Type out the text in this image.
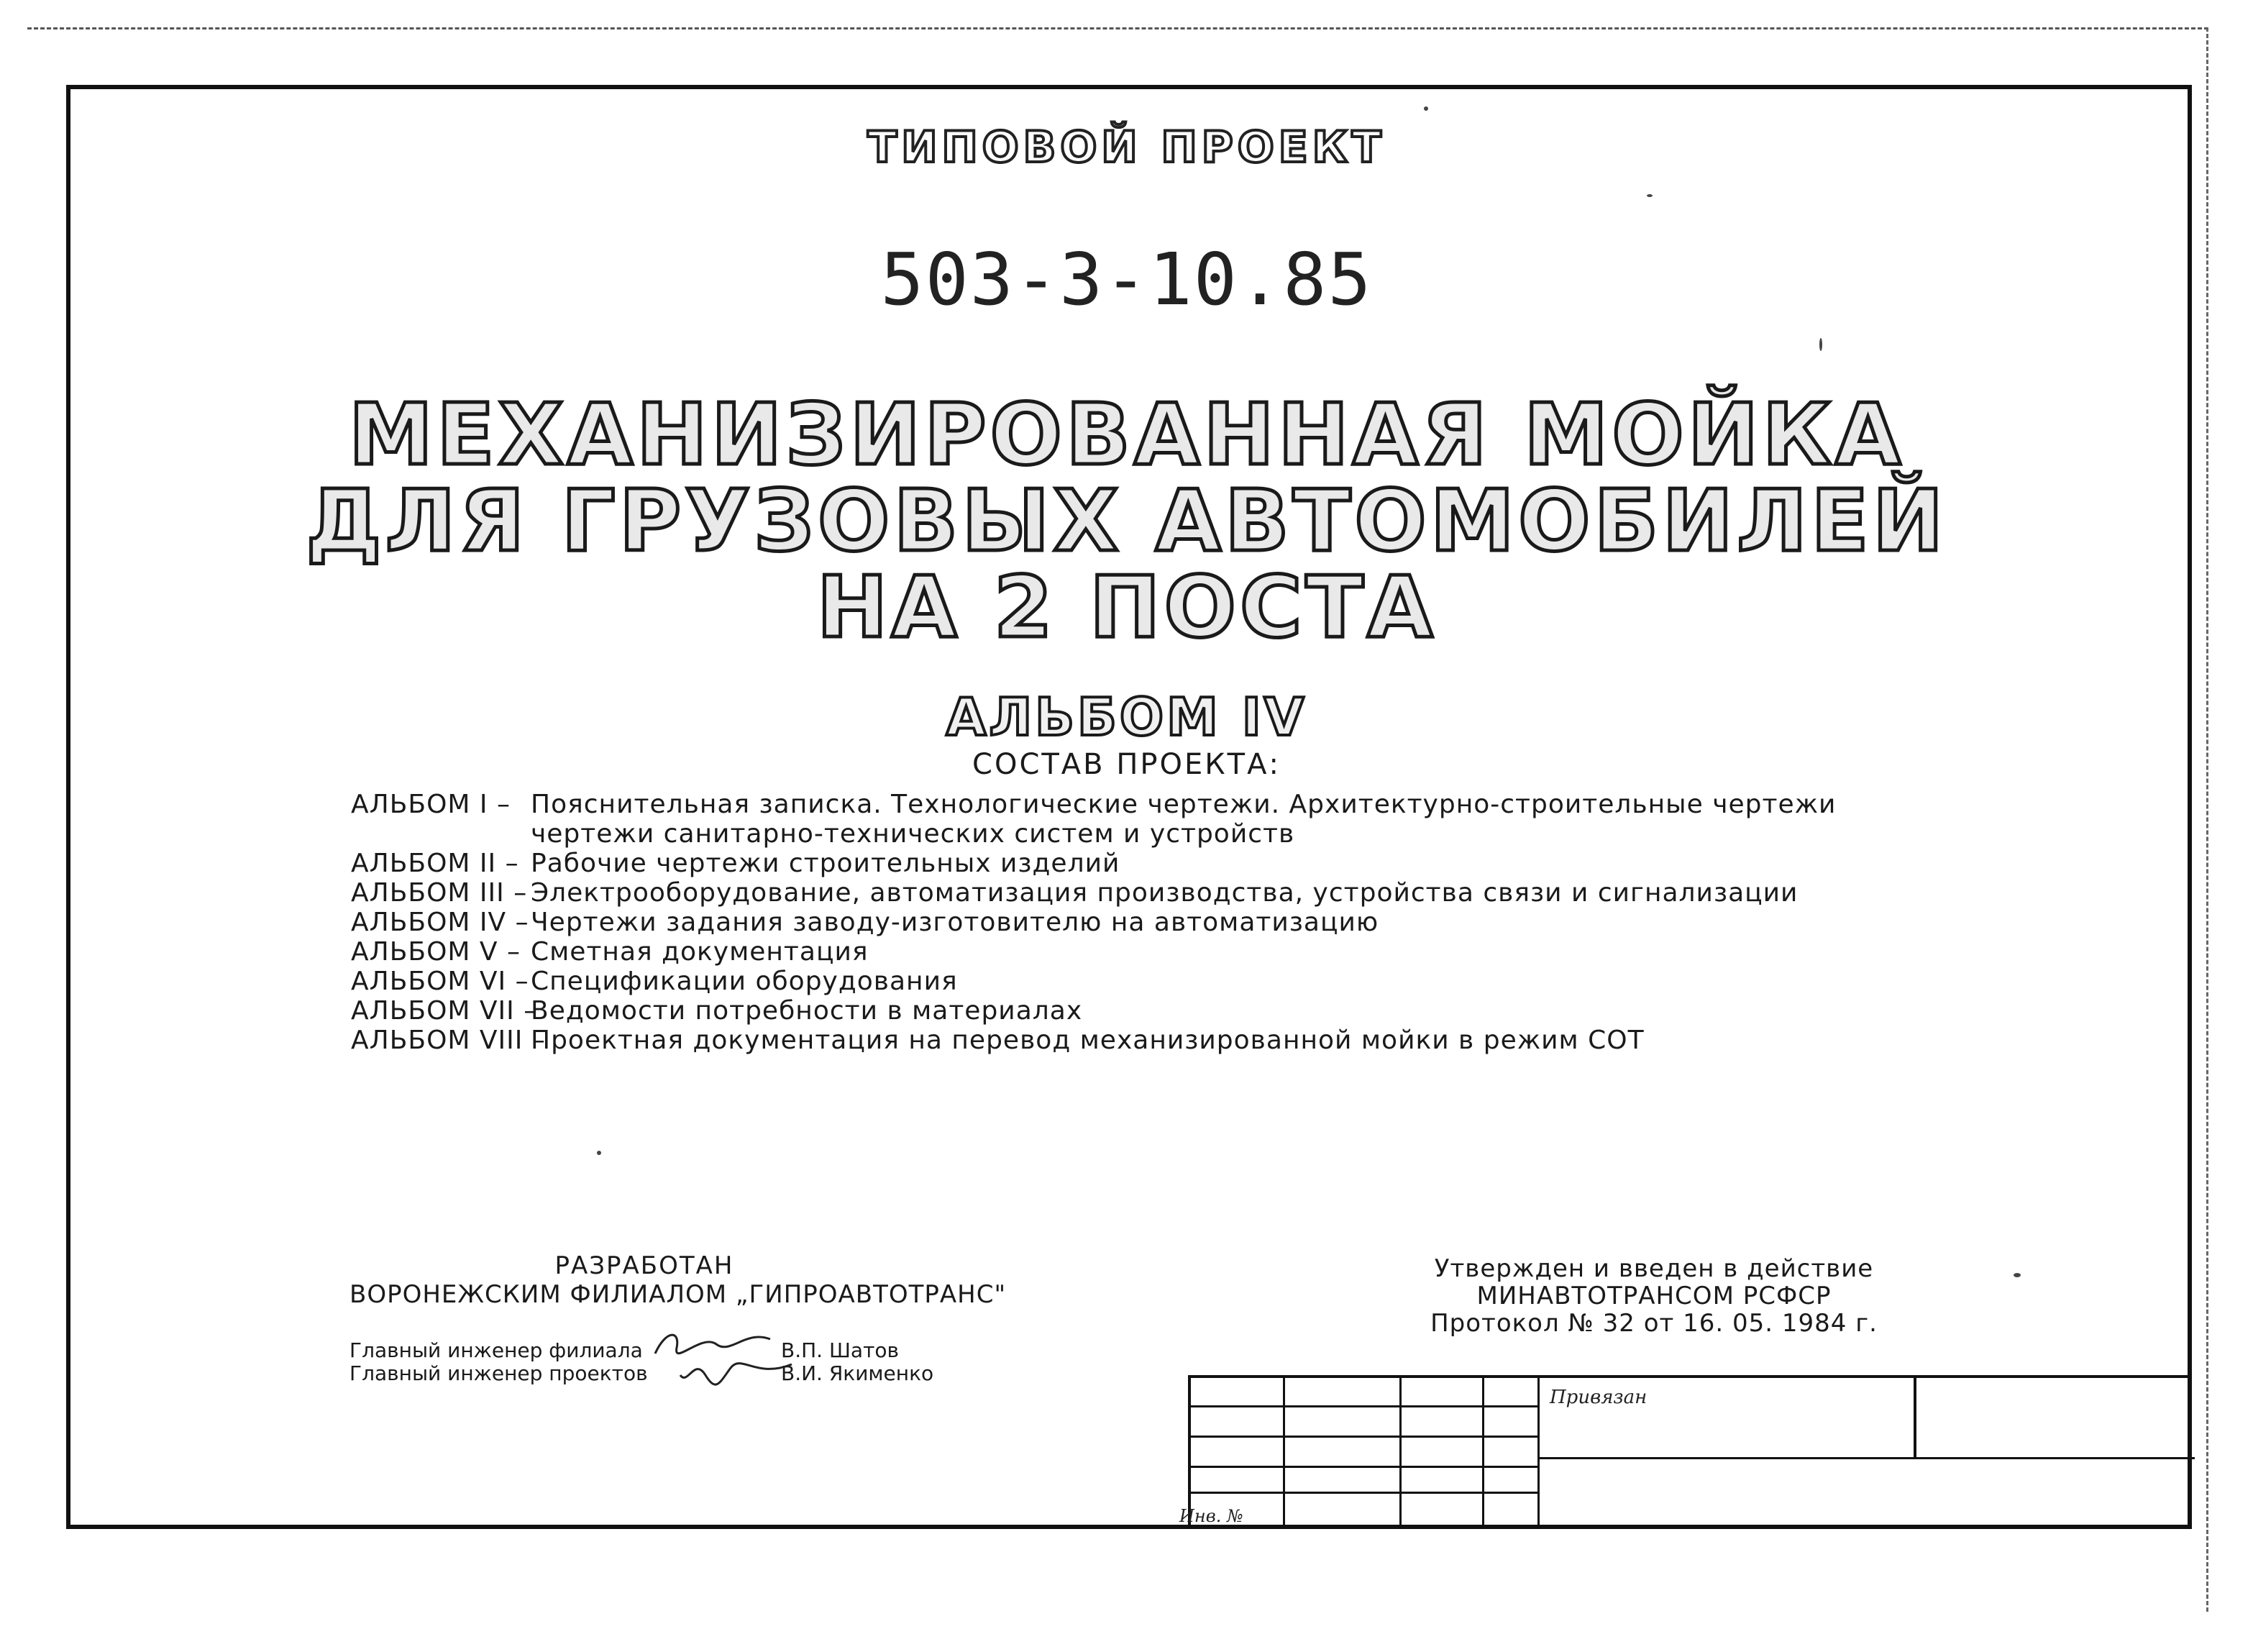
ТИПОВОЙ ПРОЕКТ
503-3-10.85
МЕХАНИЗИРОВАННАЯ МОЙКА
ДЛЯ ГРУЗОВЫХ АВТОМОБИЛЕЙ
НА 2 ПОСТА
АЛЬБОМ IV
СОСТАВ ПРОЕКТА:
АЛЬБОМ I – Пояснительная записка. Технологические чертежи. Архитектурно-строительные чертежи
чертежи санитарно-технических систем и устройств
АЛЬБОМ II – Рабочие чертежи строительных изделий
АЛЬБОМ III – Электрооборудование, автоматизация производства, устройства связи и сигнализации
АЛЬБОМ IV –Чертежи задания заводу-изготовителю на автоматизацию
АЛЬБОМ V – Сметная документация
АЛЬБОМ VI –Спецификации оборудования
АЛЬБОМ VII –Ведомости потребности в материалах
АЛЬБОМ VIII –Проектная документация на перевод механизированной мойки в режим СОТ
РАЗРАБОТАН
ВОРОНЕЖСКИМ ФИЛИАЛОМ „ГИПРОАВТОТРАНС"
Главный инженер филиала	В.П. Шатов
Главный инженер проектов	В.И. Якименко
Утвержден и введен в действие
МИНАВТОТРАНСОМ РСФСР
Протокол № 32 от 16. 05. 1984 г.
Привязан
Инв. №
